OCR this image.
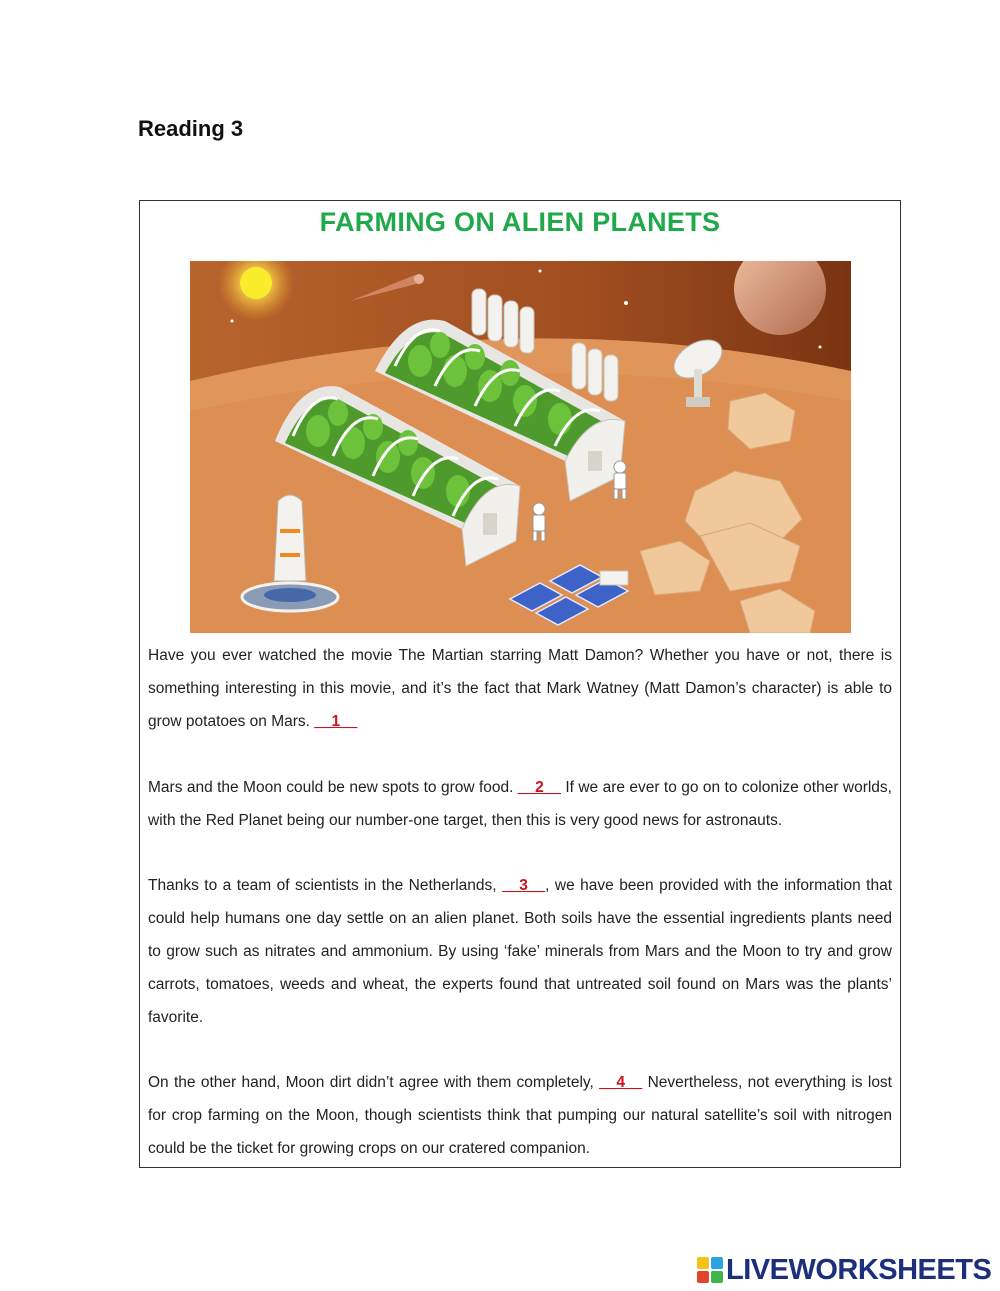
Reading 3
FARMING ON ALIEN PLANETS
Have you ever watched the movie The Martian starring Matt Damon? Whether you have or not, there is something interesting in this movie, and it’s the fact that Mark Watney (Matt Damon’s character) is able to grow potatoes on Mars. __1__
Mars and the Moon could be new spots to grow food. __2__ If we are ever to go on to colonize other worlds, with the Red Planet being our number-one target, then this is very good news for astronauts.
Thanks to a team of scientists in the Netherlands, __3__, we have been provided with the information that could help humans one day settle on an alien planet. Both soils have the essential ingredients plants need to grow such as nitrates and ammonium. By using ‘fake’ minerals from Mars and the Moon to try and grow carrots, tomatoes, weeds and wheat, the experts found that untreated soil found on Mars was the plants’ favorite.
On the other hand, Moon dirt didn’t agree with them completely, __4__ Nevertheless, not everything is lost for crop farming on the Moon, though scientists think that pumping our natural satellite’s soil with nitrogen could be the ticket for growing crops on our cratered companion.
LIVEWORKSHEETS
